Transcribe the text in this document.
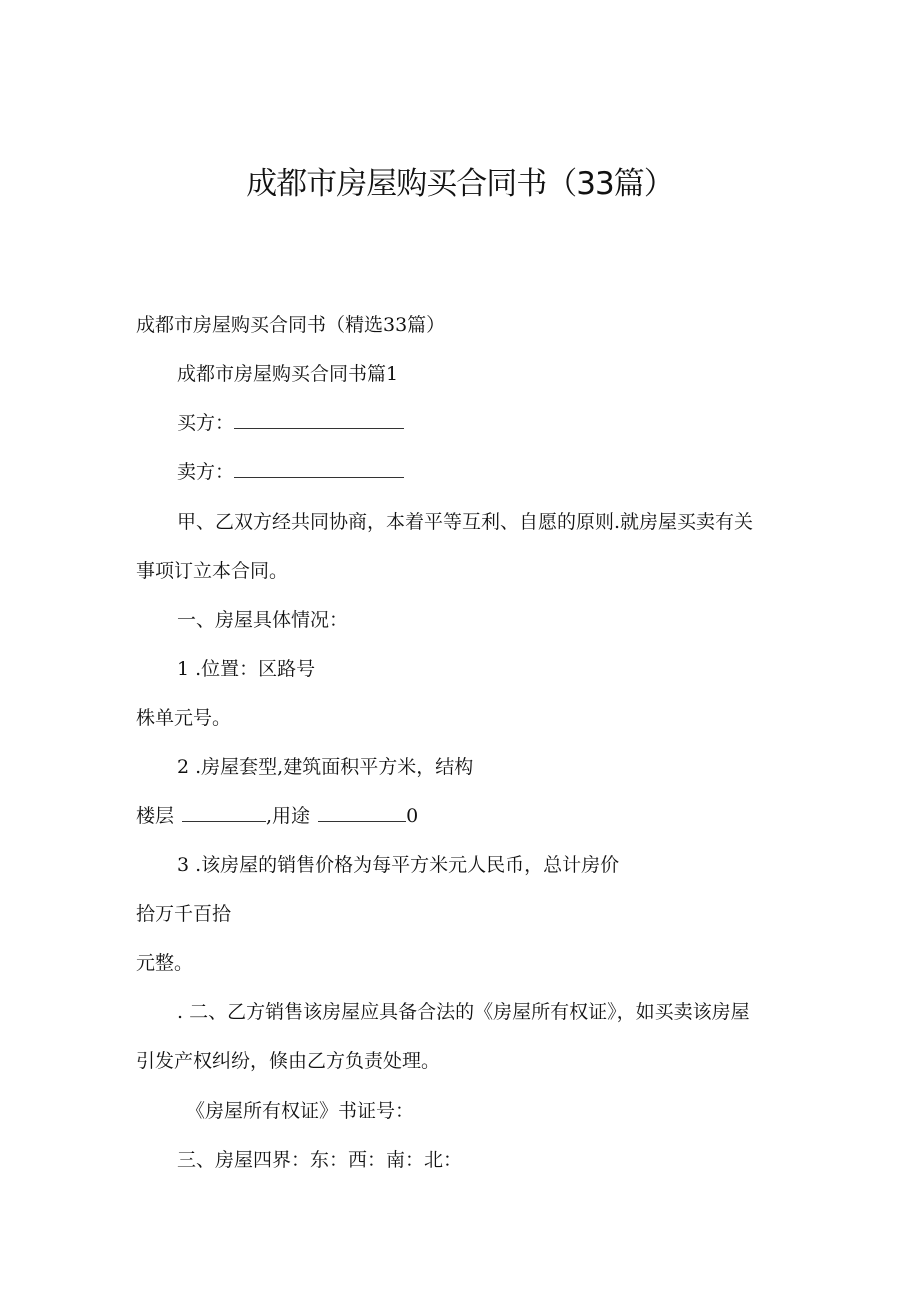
成都市房屋购买合同书（33篇）

成都市房屋购买合同书（精选33篇）

成都市房屋购买合同书篇1

买方：

卖方：

甲、乙双方经共同协商，本着平等互利、自愿的原则.就房屋买卖有关

事项订立本合同。

一、房屋具体情况：

1 .位置：区路号

株单元号。

2 .房屋套型,建筑面积平方米，结构

楼层	,用途	0

3 .该房屋的销售价格为每平方米元人民币，总计房价

拾万千百拾

元整。

. 二、乙方销售该房屋应具备合法的《房屋所有权证》，如买卖该房屋

引发产权纠纷，倏由乙方负责处理。

《房屋所有权证》书证号：

三、房屋四界：东：西：南：北：
